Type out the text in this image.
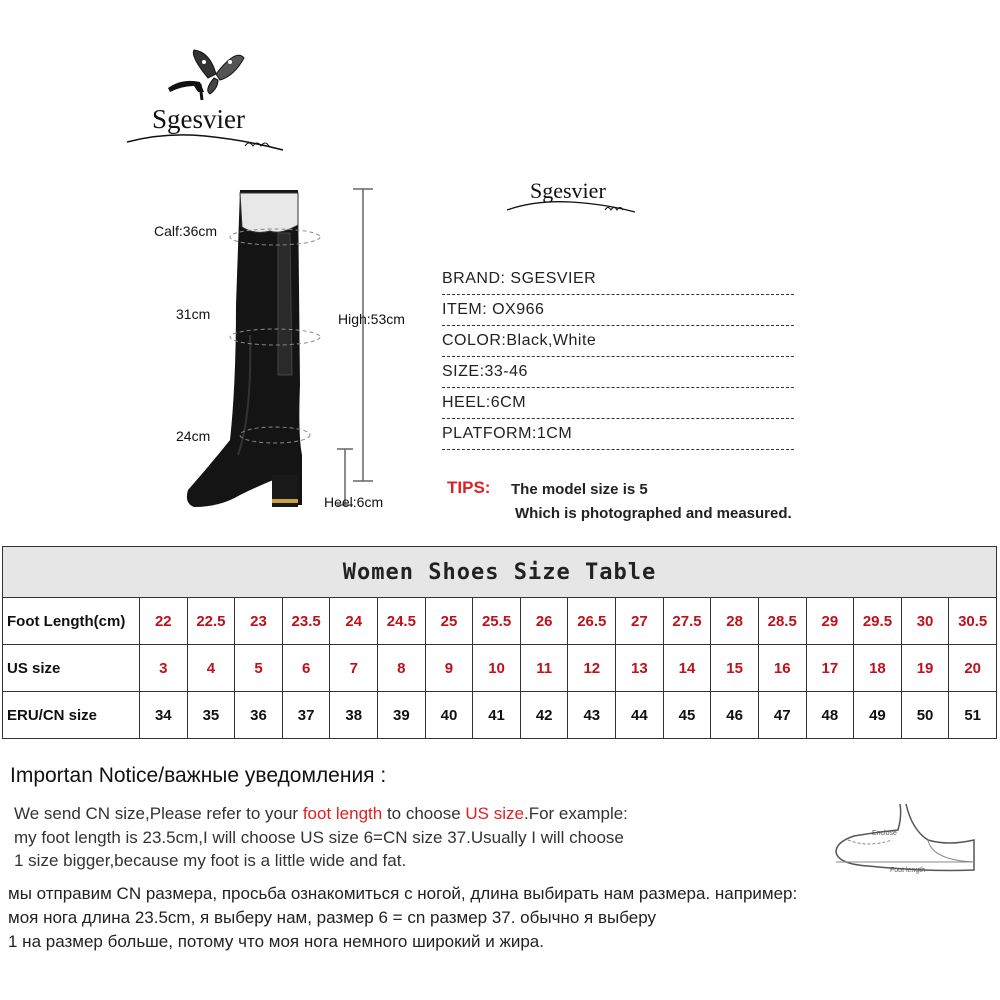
Sgesvier
Calf:36cm
31cm
24cm
High:53cm
Heel:6cm
Sgesvier
BRAND: SGESVIER
ITEM: OX966
COLOR:Black,White
SIZE:33-46
HEEL:6CM
PLATFORM:1CM
TIPS: The model size is 5
Which is photographed and measured.
Women Shoes Size Table																		
Foot Length(cm)	22	22.5	23	23.5	24	24.5	25	25.5	26	26.5	27	27.5	28	28.5	29	29.5	30	30.5
US size	3	4	5	6	7	8	9	10	11	12	13	14	15	16	17	18	19	20
ERU/CN size	34	35	36	37	38	39	40	41	42	43	44	45	46	47	48	49	50	51
Importan Notice/важные уведомления :
We send CN size,Please refer to your foot length to choose US size.For example:
my foot length is 23.5cm,I will choose US size 6=CN size 37.Usually I will choose
1 size bigger,because my foot is a little wide and fat.
мы отправим CN размера, просьба ознакомиться с ногой, длина выбирать нам размера. например:
моя нога длина 23.5cm, я выберу нам, размер 6 = cn размер 37. обычно я выберу
1 на размер больше, потому что моя нога немного широкий и жира.
Enclose
Foot length
